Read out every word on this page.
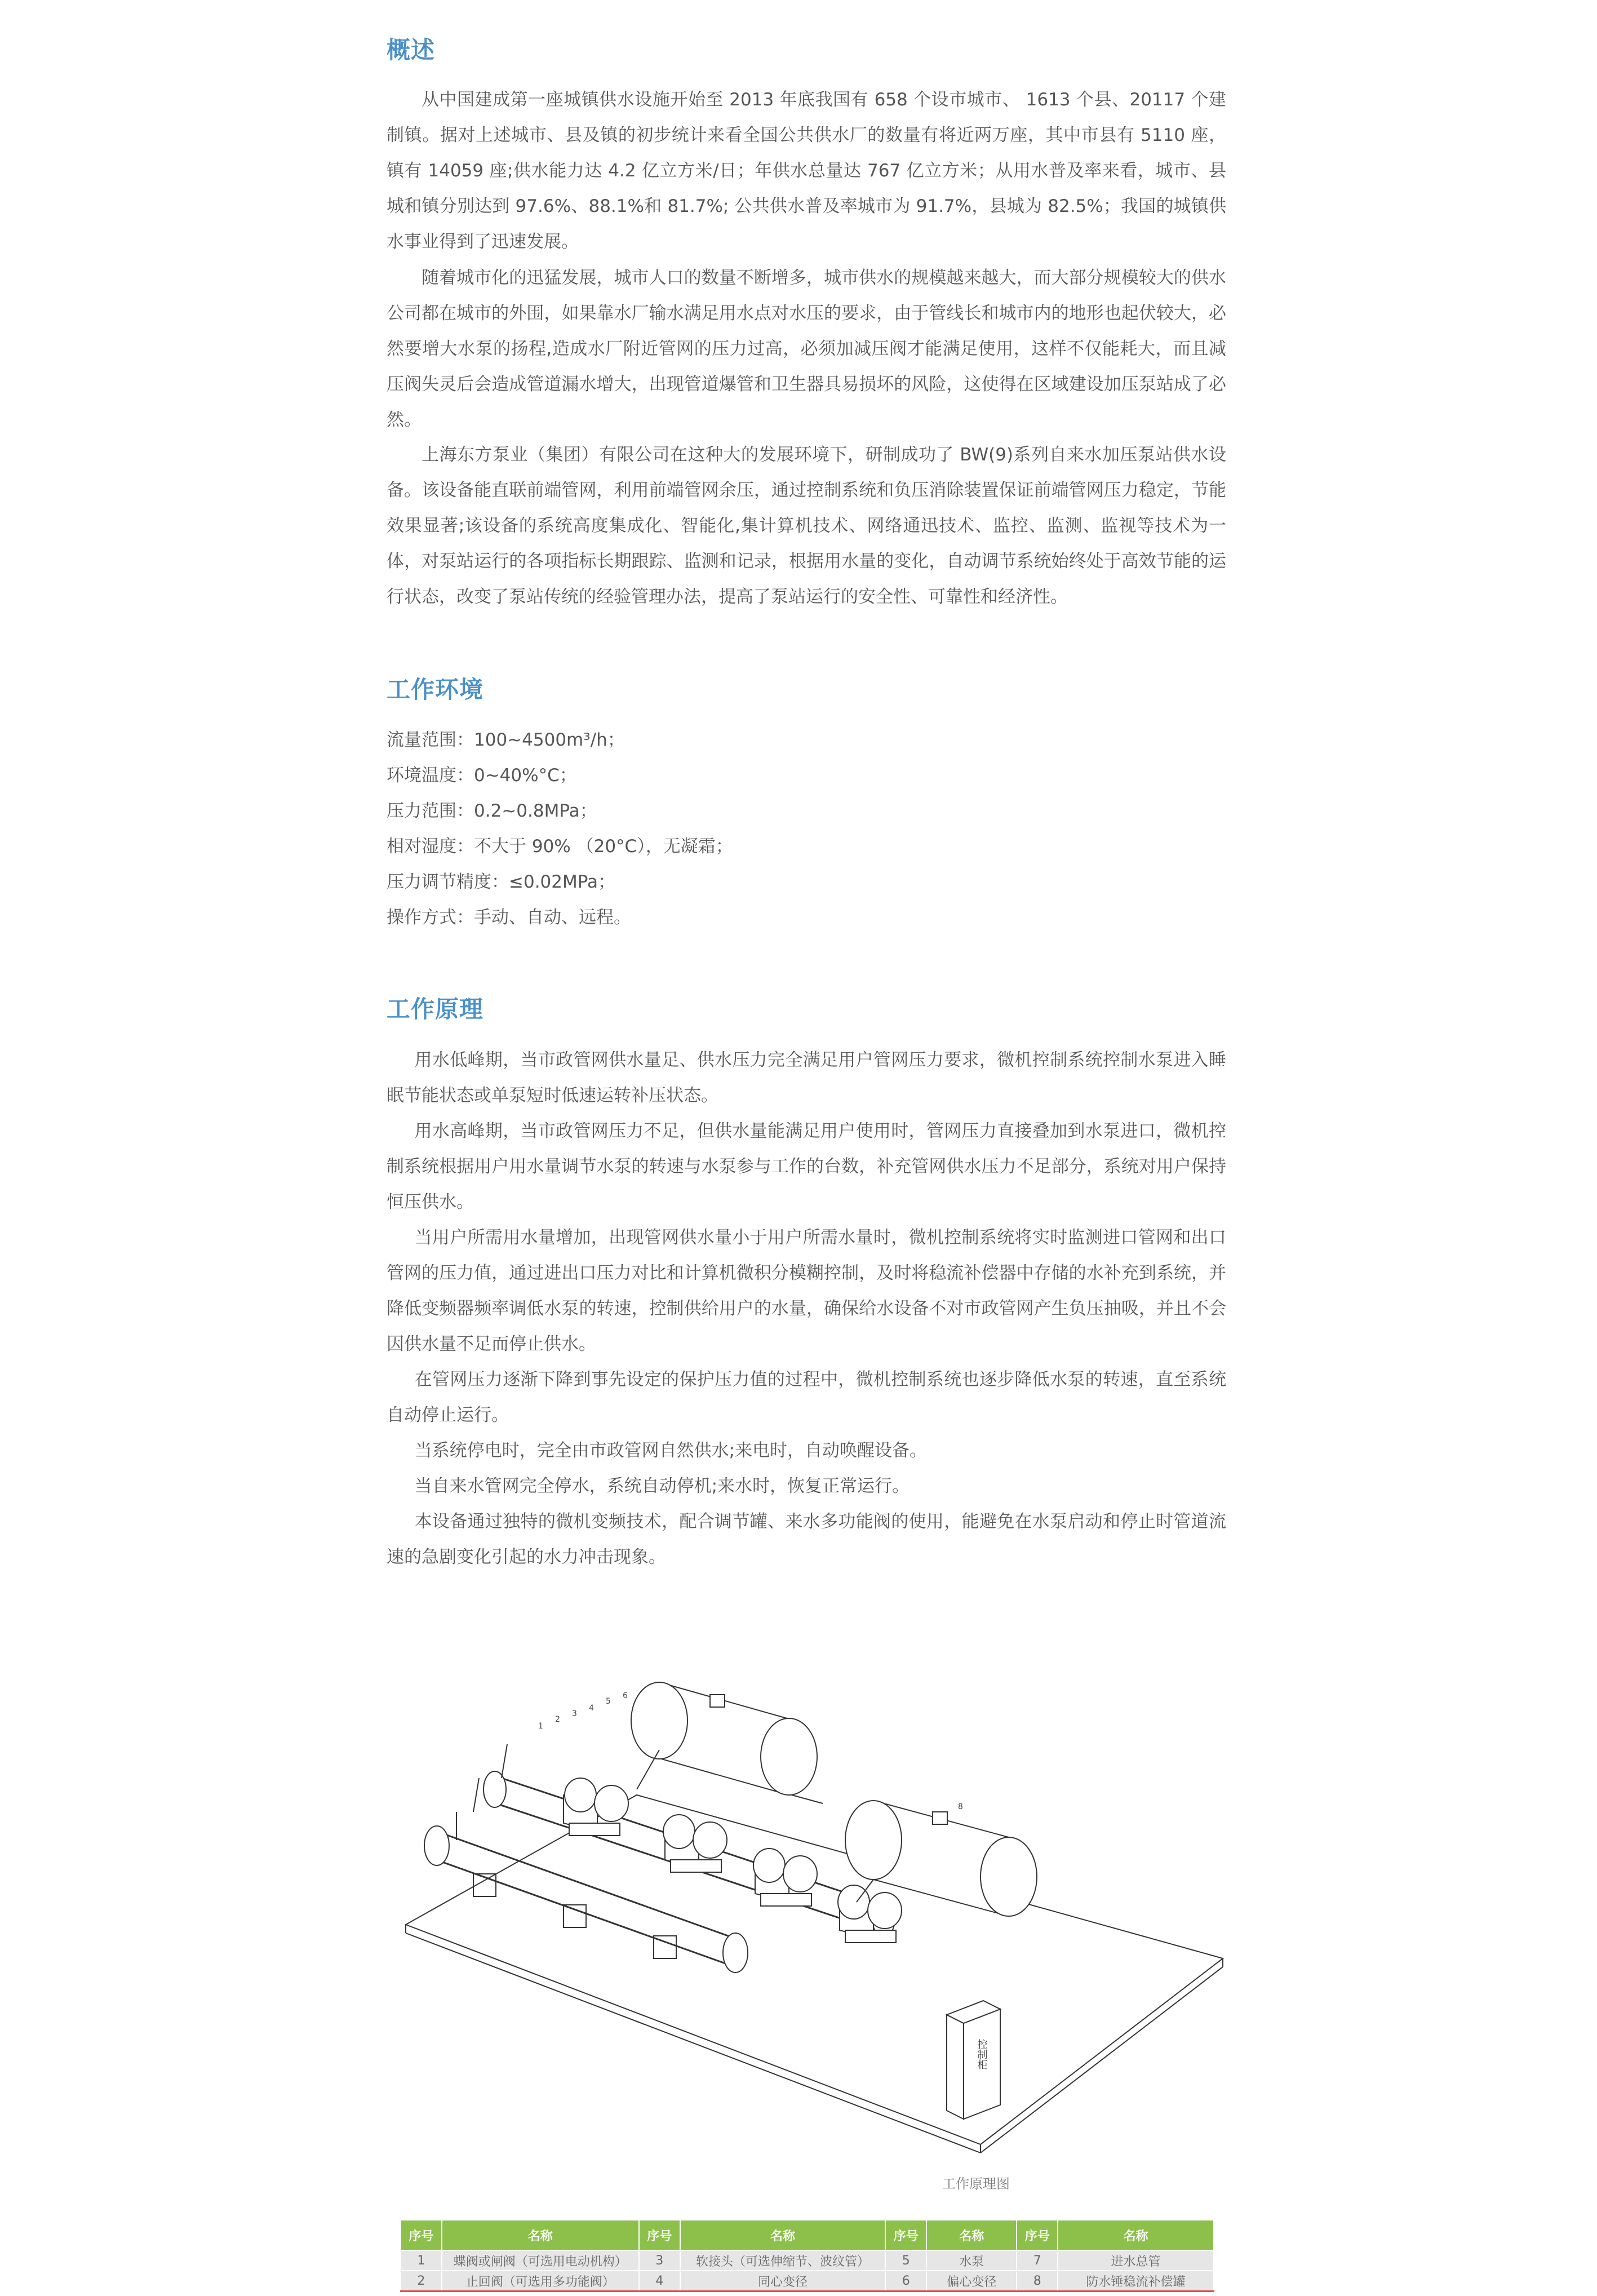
概述

从中国建成第一座城镇供水设施开始至 2013 年底我国有 658 个设市城市、 1613 个县、20117 个建制镇。据对上述城市、县及镇的初步统计来看全国公共供水厂的数量有将近两万座，其中市县有 5110 座，镇有 14059 座;供水能力达 4.2 亿立方米/日；年供水总量达 767 亿立方米；从用水普及率来看，城市、县城和镇分别达到 97.6%、88.1%和 81.7%; 公共供水普及率城市为 91.7%，县城为 82.5%；我国的城镇供水事业得到了迅速发展。

随着城市化的迅猛发展，城市人口的数量不断增多，城市供水的规模越来越大，而大部分规模较大的供水公司都在城市的外围，如果靠水厂输水满足用水点对水压的要求，由于管线长和城市内的地形也起伏较大，必然要增大水泵的扬程,造成水厂附近管网的压力过高，必须加减压阀才能满足使用，这样不仅能耗大，而且减压阀失灵后会造成管道漏水增大，出现管道爆管和卫生器具易损坏的风险，这使得在区域建设加压泵站成了必然。

上海东方泵业（集团）有限公司在这种大的发展环境下，研制成功了 BW(9)系列自来水加压泵站供水设备。该设备能直联前端管网，利用前端管网余压，通过控制系统和负压消除装置保证前端管网压力稳定，节能效果显著;该设备的系统高度集成化、智能化,集计算机技术、网络通迅技术、监控、监测、监视等技术为一体，对泵站运行的各项指标长期跟踪、监测和记录，根据用水量的变化，自动调节系统始终处于高效节能的运行状态，改变了泵站传统的经验管理办法，提高了泵站运行的安全性、可靠性和经济性。

工作环境
流量范围：100~4500m³/h；
环境温度：0~40%°C；
压力范围：0.2~0.8MPa；
相对湿度：不大于 90% （20°C），无凝霜；
压力调节精度：≤0.02MPa；
操作方式：手动、自动、远程。
工作原理

用水低峰期，当市政管网供水量足、供水压力完全满足用户管网压力要求，微机控制系统控制水泵进入睡眠节能状态或单泵短时低速运转补压状态。

用水高峰期，当市政管网压力不足，但供水量能满足用户使用时，管网压力直接叠加到水泵进口，微机控制系统根据用户用水量调节水泵的转速与水泵参与工作的台数，补充管网供水压力不足部分，系统对用户保持恒压供水。

当用户所需用水量增加，出现管网供水量小于用户所需水量时，微机控制系统将实时监测进口管网和出口管网的压力值，通过进出口压力对比和计算机微积分模糊控制，及时将稳流补偿器中存储的水补充到系统，并降低变频器频率调低水泵的转速，控制供给用户的水量，确保给水设备不对市政管网产生负压抽吸，并且不会因供水量不足而停止供水。

在管网压力逐渐下降到事先设定的保护压力值的过程中，微机控制系统也逐步降低水泵的转速，直至系统自动停止运行。

当系统停电时，完全由市政管网自然供水;来电时，自动唤醒设备。

当自来水管网完全停水，系统自动停机;来水时，恢复正常运行。

本设备通过独特的微机变频技术，配合调节罐、来水多功能阀的使用，能避免在水泵启动和停止时管道流速的急剧变化引起的水力冲击现象。

1
2
3
4
5
6
8
控制柜
工作原理图
序号	名称	序号	名称	序号	名称	序号	名称
1	蝶阀或闸阀（可选用电动机构）	3	软接头（可选伸缩节、波纹管）	5	水泵	7	进水总管
2	止回阀（可选用多功能阀）	4	同心变径	6	偏心变径	8	防水锤稳流补偿罐
